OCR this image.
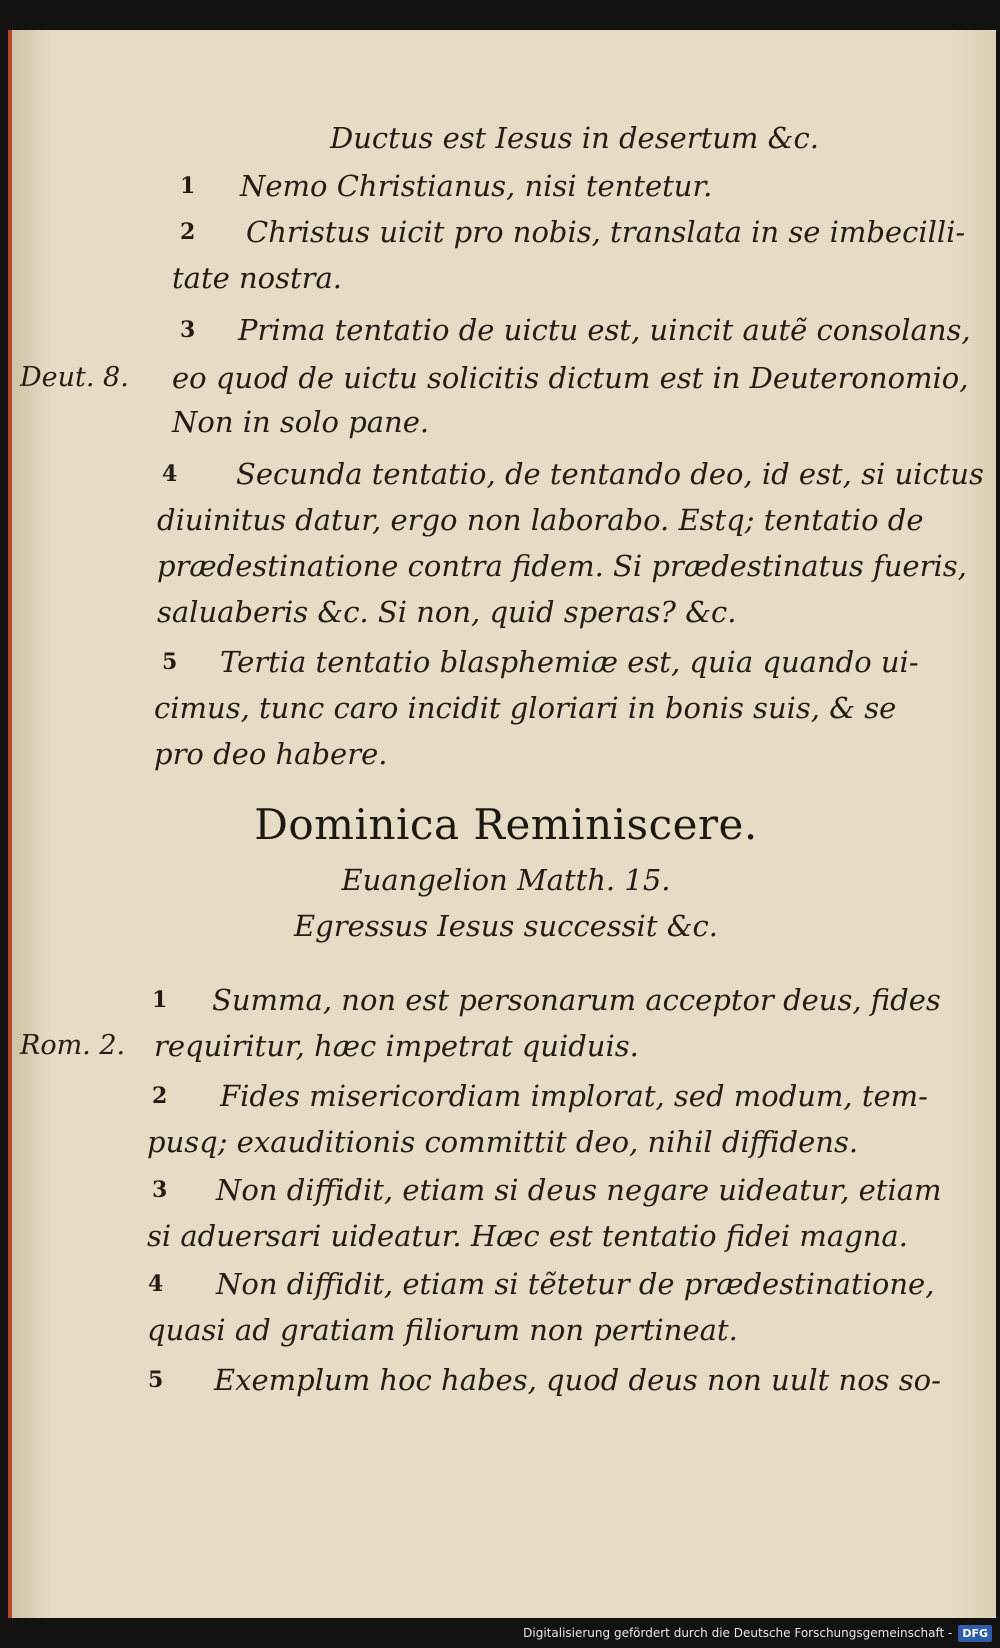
Ductus est Iesus in desertum &c.
1 Nemo Christianus, nisi tentetur.
2 Christus uicit pro nobis, translata in se imbecilli-
tate nostra.
3 Prima tentatio de uictu est, uincit autẽ consolans,
Deut. 8. eo quod de uictu solicitis dictum est in Deuteronomio,
Non in solo pane.
4 Secunda tentatio, de tentando deo, id est, si uictus
diuinitus datur, ergo non laborabo. Estq; tentatio de
prædestinatione contra fidem. Si prædestinatus fueris,
saluaberis &c. Si non, quid speras? &c.
5 Tertia tentatio blasphemiæ est, quia quando ui-
cimus, tunc caro incidit gloriari in bonis suis, & se
pro deo habere.
Dominica Reminiscere.
Euangelion Matth. 15.
Egressus Iesus successit &c.
1 Summa, non est personarum acceptor deus, fides
Rom. 2. requiritur, hæc impetrat quiduis.
2 Fides misericordiam implorat, sed modum, tem-
pusq; exauditionis committit deo, nihil diffidens.
3 Non diffidit, etiam si deus negare uideatur, etiam
si aduersari uideatur. Hæc est tentatio fidei magna.
4 Non diffidit, etiam si tẽtetur de prædestinatione,
quasi ad gratiam filiorum non pertineat.
5 Exemplum hoc habes, quod deus non uult nos so-
Digitalisierung gefördert durch die Deutsche Forschungsgemeinschaft - DFG
